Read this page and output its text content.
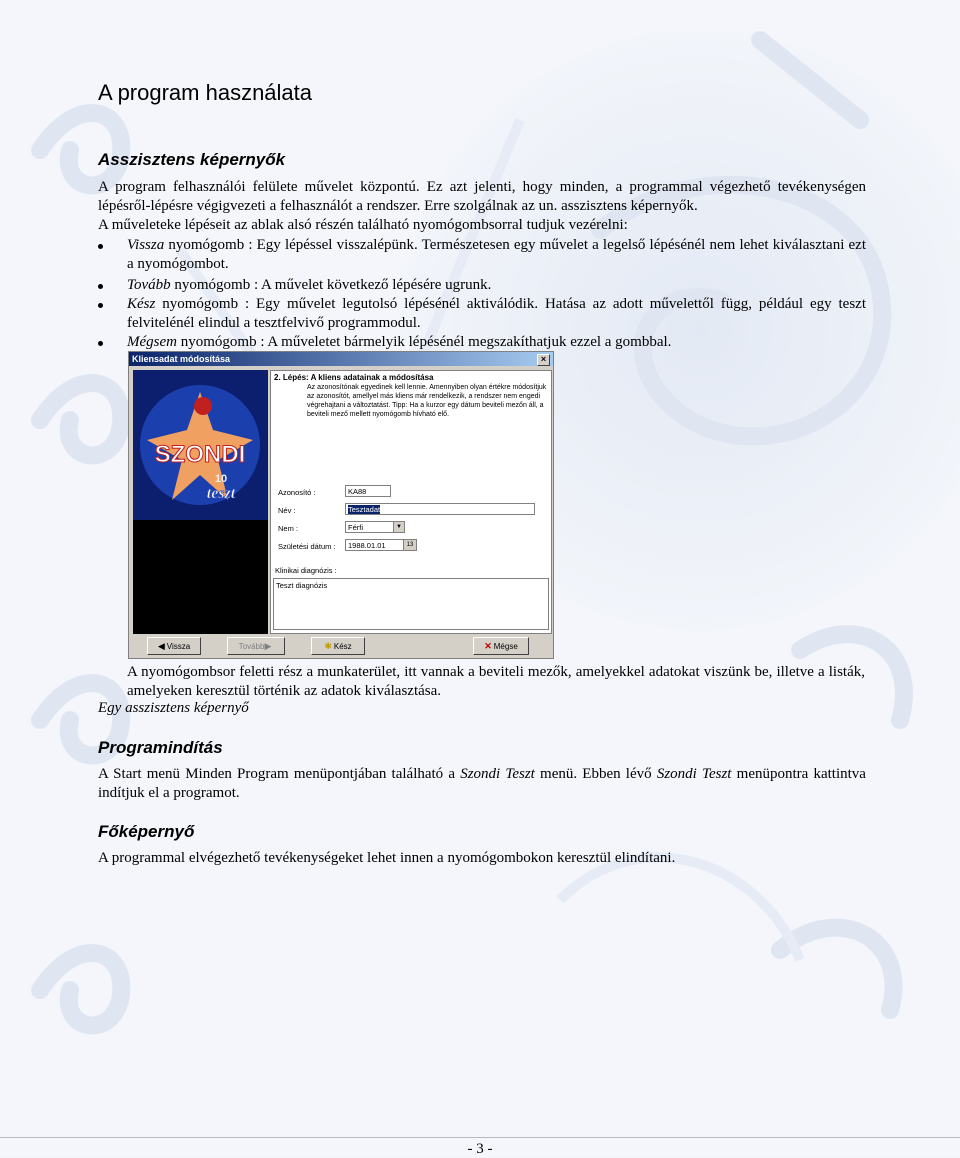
A program használata
Asszisztens képernyők
A program felhasználói felülete művelet központú. Ez azt jelenti, hogy minden, a programmal végezhető tevékenységen lépésről-lépésre végigvezeti a felhasználót a rendszer. Erre szolgálnak az un. asszisztens képernyők.
A műveleteke lépéseit az ablak alsó részén található nyomógombsorral tudjuk vezérelni:
Vissza nyomógomb : Egy lépéssel visszalépünk. Természetesen egy művelet a legelső lépésénél nem lehet kiválasztani ezt a nyomógombot.
Tovább nyomógomb : A művelet következő lépésére ugrunk.
Kész nyomógomb : Egy művelet legutolsó lépésénél aktiválódik. Hatása az adott művelettől függ, például egy teszt felvitelénél elindul a tesztfelvivő programmodul.
Mégsem nyomógomb : A műveletet bármelyik lépésénél megszakíthatjuk ezzel a gombbal.
Kliensadat módosítása	×
SZONDI
10
teszt
2. Lépés: A kliens adatainak a módosítása
Az azonosítónak egyedinek kell lennie. Amennyiben olyan értékre módosítjuk az azonosítót, amellyel más kliens már rendelkezik, a rendszer nem engedi végrehajtani a változtatást. Tipp: Ha a kurzor egy dátum beviteli mezőn áll, a beviteli mező mellett nyomógomb hívható elő.
Azonosító :	KA88
Név :	Tesztadat
Nem :	Férfi	▼
Születési dátum :	1988.01.01	13
Klinikai diagnózis :
Teszt diagnózis
◀ Vissza	Tovább▶	✱ Kész	✕ Mégse
A nyomógombsor feletti rész a munkaterület, itt vannak a beviteli mezők, amelyekkel adatokat viszünk be, illetve a listák, amelyeken keresztül történik az adatok kiválasztása.
Egy asszisztens képernyő
Programindítás
A Start menü Minden Program menüpontjában található a Szondi Teszt menü. Ebben lévő Szondi Teszt menüpontra kattintva indítjuk el a programot.
Főképernyő
A programmal elvégezhető tevékenységeket lehet innen a nyomógombokon keresztül elindítani.
- 3 -
